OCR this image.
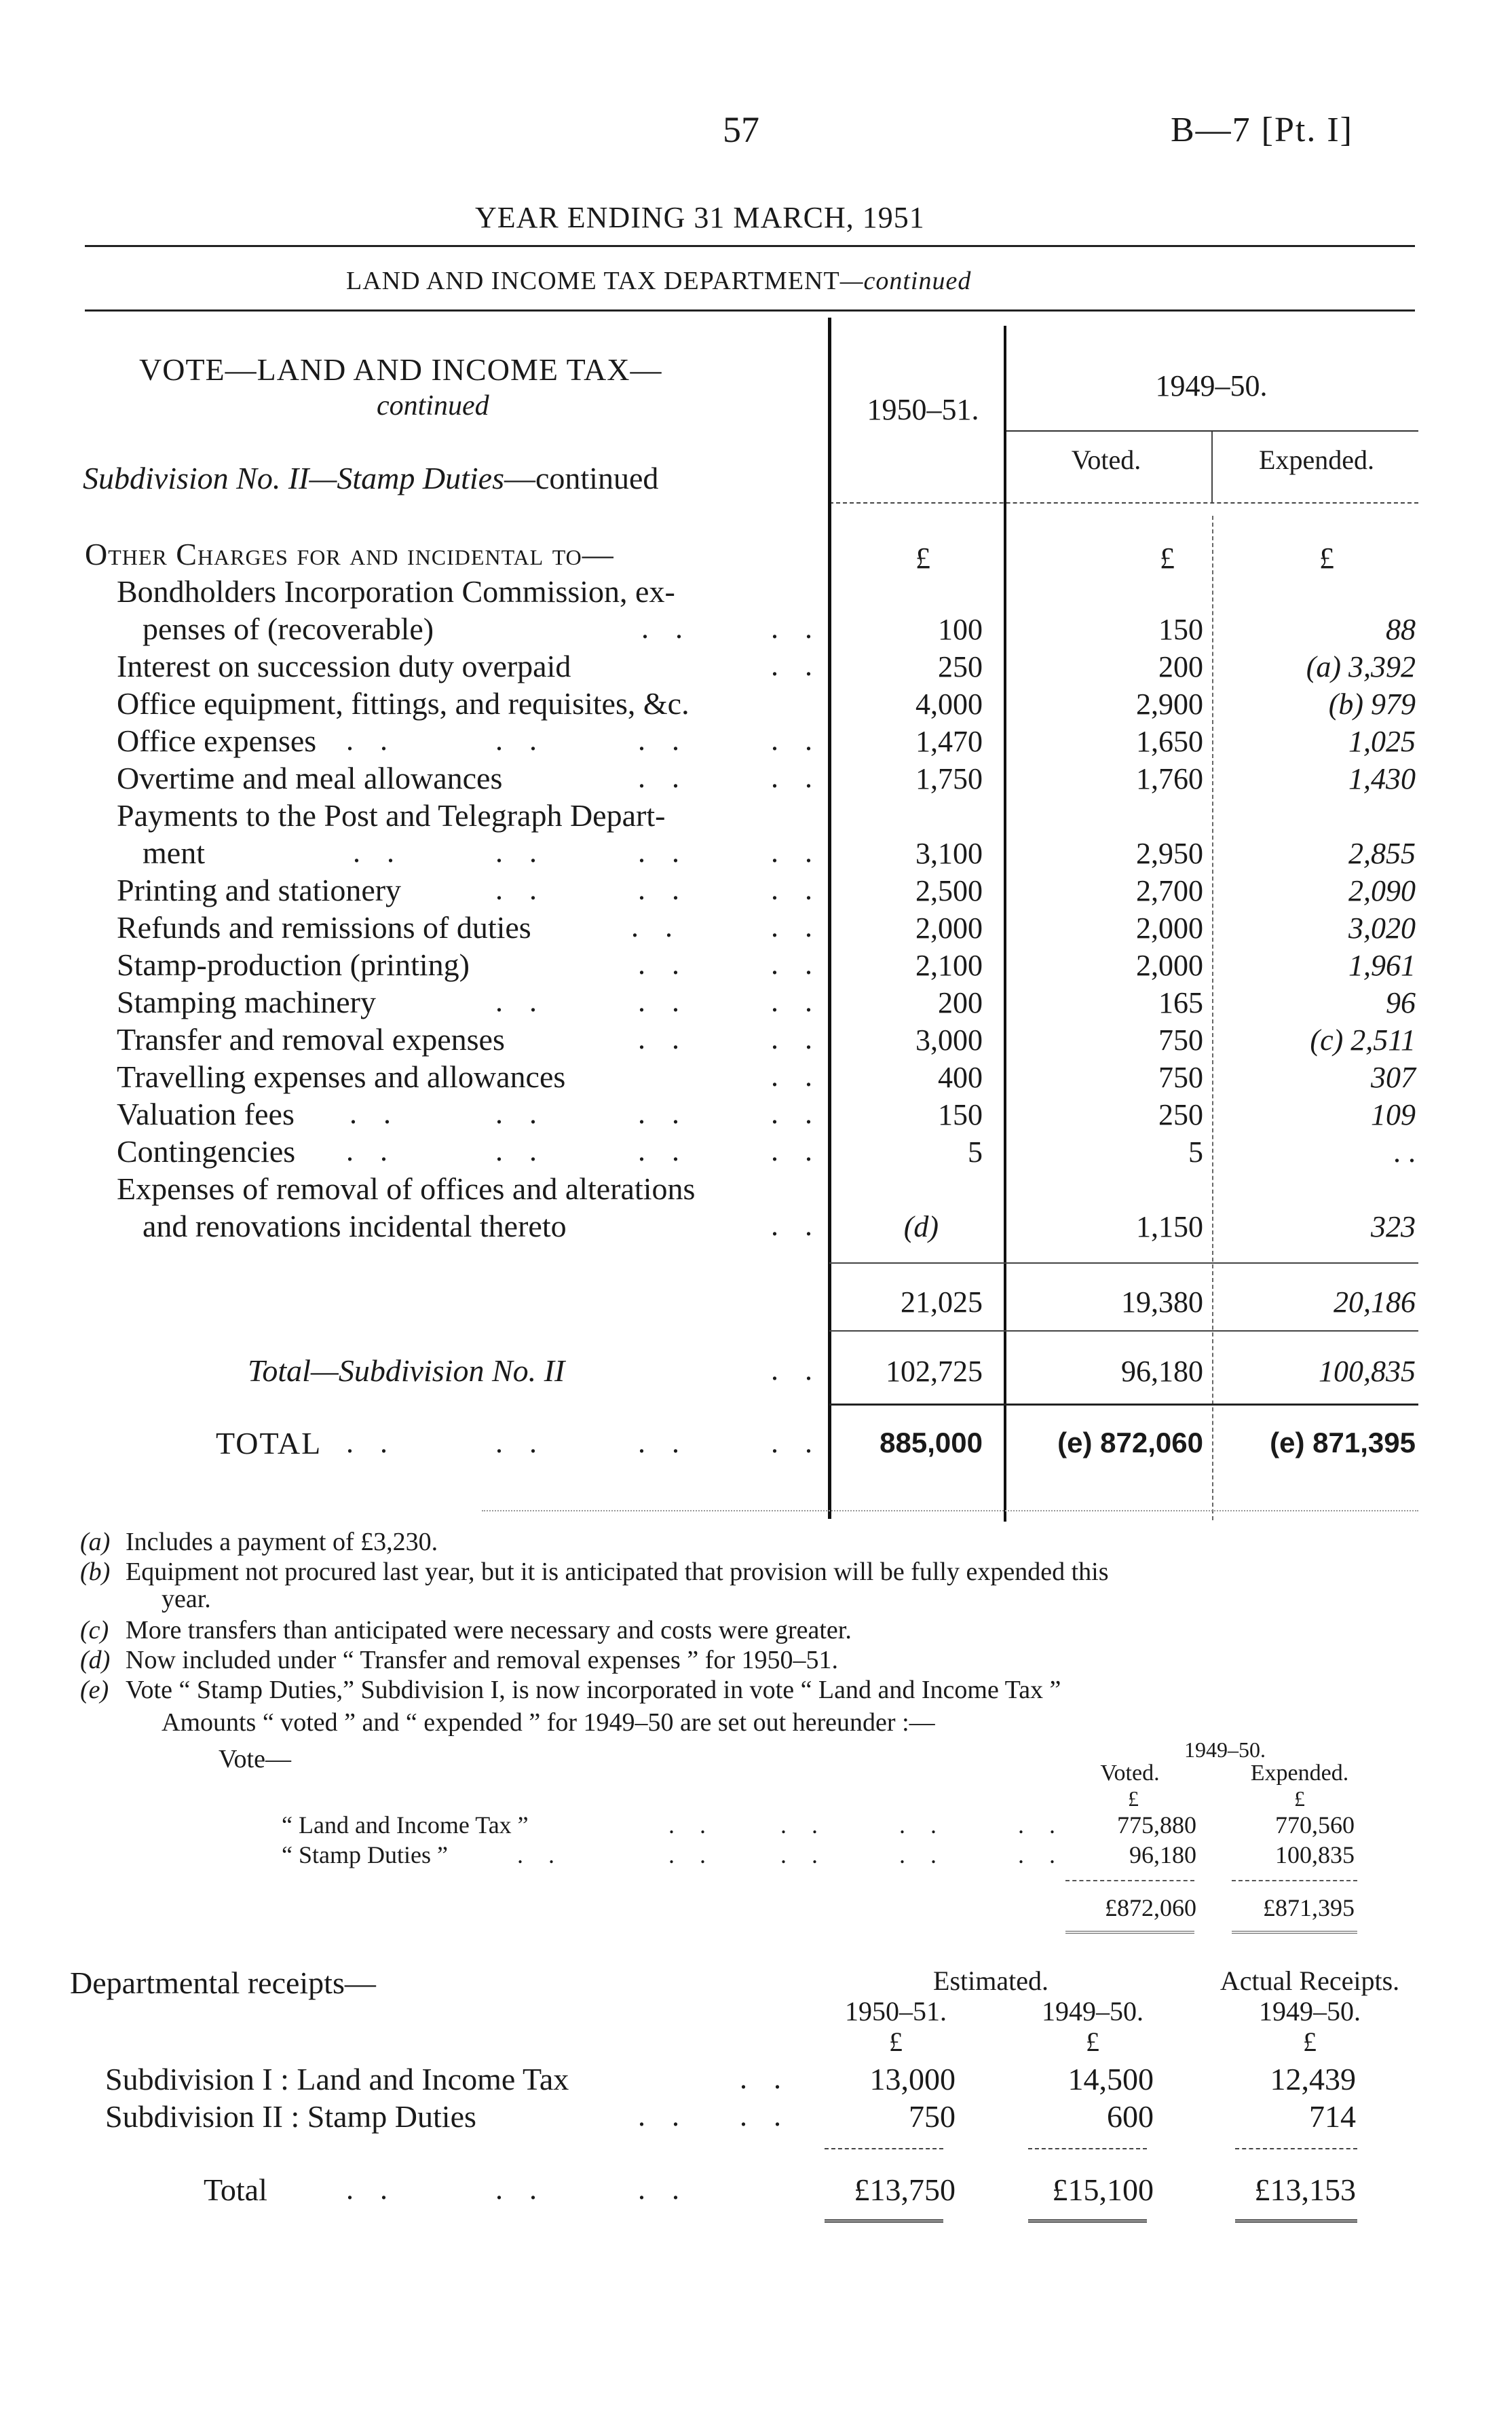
57	B—7 [Pt. I]
YEAR ENDING 31 MARCH, 1951
LAND AND INCOME TAX DEPARTMENT—continued
VOTE—LAND AND INCOME TAX—
continued
Subdivision No. II—Stamp Duties—continued
1950–51.
1949–50.
Voted.	Expended.
£	£	£
Other Charges for and incidental to—
Bondholders Incorporation Commission, ex-
penses of (recoverable)	. .	. .	100	150	88
Interest on succession duty overpaid	. .	250	200	(a) 3,392
Office equipment, fittings, and requisites, &c.	4,000	2,900	(b) 979
Office expenses . .	. .	. .	. .	1,470	1,650	1,025
Overtime and meal allowances	. .	. .	1,750	1,760	1,430
Payments to the Post and Telegraph Depart-
ment	. .	. .	. .	. .	3,100	2,950	2,855
Printing and stationery	. .	. .	. .	2,500	2,700	2,090
Refunds and remissions of duties	. .	. .	2,000	2,000	3,020
Stamp-production (printing)	. .	. .	2,100	2,000	1,961
Stamping machinery	. .	. .	. .	200	165	96
Transfer and removal expenses	. .	. .	3,000	750	(c) 2,511
Travelling expenses and allowances	. .	400	750	307
Valuation fees . .	. .	. .	. .	150	250	109
Contingencies . .	. .	. .	. .	5	5	. .
Expenses of removal of offices and alterations
and renovations incidental thereto	. .	(d)	1,150	323
21,025	19,380	20,186
Total—Subdivision No. II	. . 102,725	96,180	100,835
TOTAL . .	. .	. .	. . 885,000	(e) 872,060 (e) 871,395
(a) Includes a payment of £3,230.
(b) Equipment not procured last year, but it is anticipated that provision will be fully expended this
year.
(c) More transfers than anticipated were necessary and costs were greater.
(d) Now included under “ Transfer and removal expenses ” for 1950–51.
(e) Vote “ Stamp Duties,” Subdivision I, is now incorporated in vote “ Land and Income Tax ”
Amounts “ voted ” and “ expended ” for 1949–50 are set out hereunder :—
Vote—	1949–50.
Voted.	Expended.
£	£
“ Land and Income Tax ”	. .	. .	. .	. . 775,880	770,560
“ Stamp Duties ”	. .	. .	. .	. .	. .	96,180	100,835
£872,060	£871,395
Departmental receipts—	Estimated.	Actual Receipts.
1950–51.	1949–50.	1949–50.
£	£	£
Subdivision I : Land and Income Tax	. .	13,000	14,500	12,439
Subdivision II : Stamp Duties	. . . .	750	600	714
Total	. .	. .	. .	£13,750	£15,100	£13,153
